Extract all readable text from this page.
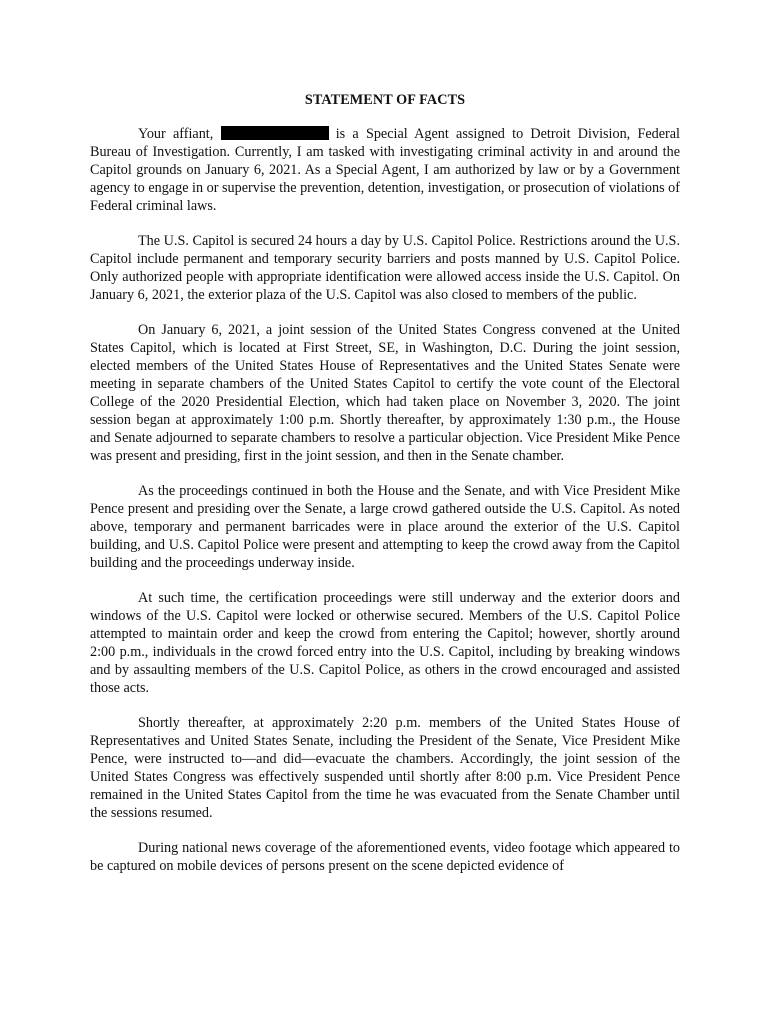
STATEMENT OF FACTS

Your affiant,	is a Special Agent assigned to Detroit Division, Federal Bureau of Investigation. Currently, I am tasked with investigating criminal activity in and around the Capitol grounds on January 6, 2021. As a Special Agent, I am authorized by law or by a Government agency to engage in or supervise the prevention, detention, investigation, or prosecution of violations of Federal criminal laws.

The U.S. Capitol is secured 24 hours a day by U.S. Capitol Police. Restrictions around the U.S. Capitol include permanent and temporary security barriers and posts manned by U.S. Capitol Police. Only authorized people with appropriate identification were allowed access inside the U.S. Capitol. On January 6, 2021, the exterior plaza of the U.S. Capitol was also closed to members of the public.

On January 6, 2021, a joint session of the United States Congress convened at the United States Capitol, which is located at First Street, SE, in Washington, D.C. During the joint session, elected members of the United States House of Representatives and the United States Senate were meeting in separate chambers of the United States Capitol to certify the vote count of the Electoral College of the 2020 Presidential Election, which had taken place on November 3, 2020. The joint session began at approximately 1:00 p.m. Shortly thereafter, by approximately 1:30 p.m., the House and Senate adjourned to separate chambers to resolve a particular objection. Vice President Mike Pence was present and presiding, first in the joint session, and then in the Senate chamber.

As the proceedings continued in both the House and the Senate, and with Vice President Mike Pence present and presiding over the Senate, a large crowd gathered outside the U.S. Capitol. As noted above, temporary and permanent barricades were in place around the exterior of the U.S. Capitol building, and U.S. Capitol Police were present and attempting to keep the crowd away from the Capitol building and the proceedings underway inside.

At such time, the certification proceedings were still underway and the exterior doors and windows of the U.S. Capitol were locked or otherwise secured. Members of the U.S. Capitol Police attempted to maintain order and keep the crowd from entering the Capitol; however, shortly around 2:00 p.m., individuals in the crowd forced entry into the U.S. Capitol, including by breaking windows and by assaulting members of the U.S. Capitol Police, as others in the crowd encouraged and assisted those acts.

Shortly thereafter, at approximately 2:20 p.m. members of the United States House of Representatives and United States Senate, including the President of the Senate, Vice President Mike Pence, were instructed to—and did—evacuate the chambers. Accordingly, the joint session of the United States Congress was effectively suspended until shortly after 8:00 p.m. Vice President Pence remained in the United States Capitol from the time he was evacuated from the Senate Chamber until the sessions resumed.

During national news coverage of the aforementioned events, video footage which appeared to be captured on mobile devices of persons present on the scene depicted evidence of
